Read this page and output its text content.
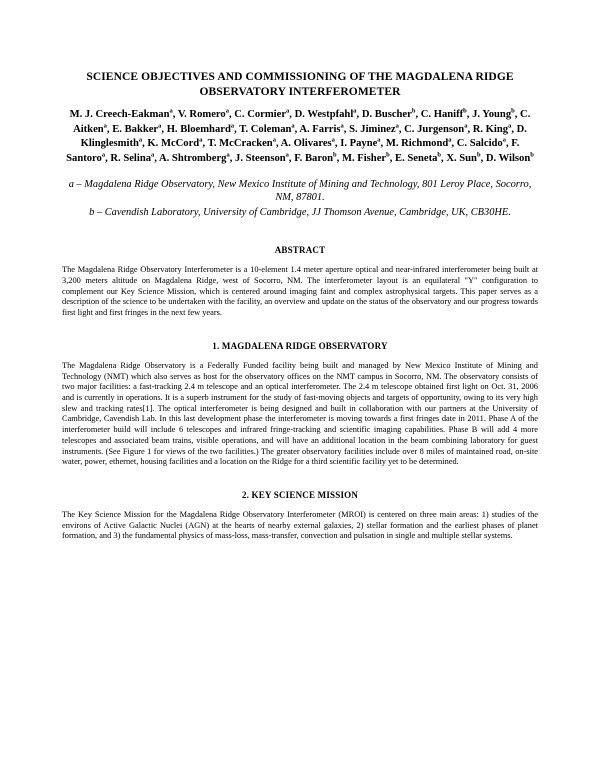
SCIENCE OBJECTIVES AND COMMISSIONING OF THE MAGDALENA RIDGE
OBSERVATORY INTERFEROMETER
M. J. Creech-Eakman$^a$, V. Romero$^a$, C. Cormier$^a$, D. Westpfahl$^a$, D. Buscher$^b$, C. Haniff$^b$, J. Young$^b$, C. Aitken$^a$, E. Bakker$^a$, H. Bloemhard$^a$, T. Coleman$^a$, A. Farris$^a$, S. Jiminez$^a$, C. Jurgenson$^a$, R. King$^a$, D. Klinglesmith$^a$, K. McCord$^a$, T. McCracken$^a$, A. Olivares$^a$, I. Payne$^a$, M. Richmond$^a$, C. Salcido$^a$, F. Santoro$^a$, R. Selina$^a$, A. Shtromberg$^a$, J. Steenson$^a$, F. Baron$^b$, M. Fisher$^b$, E. Seneta$^b$, X. Sun$^b$, D. Wilson$^b$
a – Magdalena Ridge Observatory, New Mexico Institute of Mining and Technology, 801 Leroy Place, Socorro, NM, 87801.
b – Cavendish Laboratory, University of Cambridge, JJ Thomson Avenue, Cambridge, UK, CB30HE.
ABSTRACT

The Magdalena Ridge Observatory Interferometer is a 10-element 1.4 meter aperture optical and near-infrared interferometer being built at 3,200 meters altitude on Magdalena Ridge, west of Socorro, NM. The interferometer layout is an equilateral "Y" configuration to complement our Key Science Mission, which is centered around imaging faint and complex astrophysical targets. This paper serves as a description of the science to be undertaken with the facility, an overview and update on the status of the observatory and our progress towards first light and first fringes in the next few years.

1. MAGDALENA RIDGE OBSERVATORY

The Magdalena Ridge Observatory is a Federally Funded facility being built and managed by New Mexico Institute of Mining and Technology (NMT) which also serves as host for the observatory offices on the NMT campus in Socorro, NM. The observatory consists of two major facilities: a fast-tracking 2.4 m telescope and an optical interferometer. The 2.4 m telescope obtained first light on Oct. 31, 2006 and is currently in operations. It is a superb instrument for the study of fast-moving objects and targets of opportunity, owing to its very high slew and tracking rates[1]. The optical interferometer is being designed and built in collaboration with our partners at the University of Cambridge, Cavendish Lab. In this last development phase the interferometer is moving towards a first fringes date in 2011. Phase A of the interferometer build will include 6 telescopes and infrared fringe-tracking and scientific imaging capabilities. Phase B will add 4 more telescopes and associated beam trains, visible operations, and will have an additional location in the beam combining laboratory for guest instruments. (See Figure 1 for views of the two facilities.) The greater observatory facilities include over 8 miles of maintained road, on-site water, power, ethernet, housing facilities and a location on the Ridge for a third scientific facility yet to be determined.

2. KEY SCIENCE MISSION

The Key Science Mission for the Magdalena Ridge Observatory Interferometer (MROI) is centered on three main areas: 1) studies of the environs of Active Galactic Nuclei (AGN) at the hearts of nearby external galaxies, 2) stellar formation and the earliest phases of planet formation, and 3) the fundamental physics of mass-loss, mass-transfer, convection and pulsation in single and multiple stellar systems.
